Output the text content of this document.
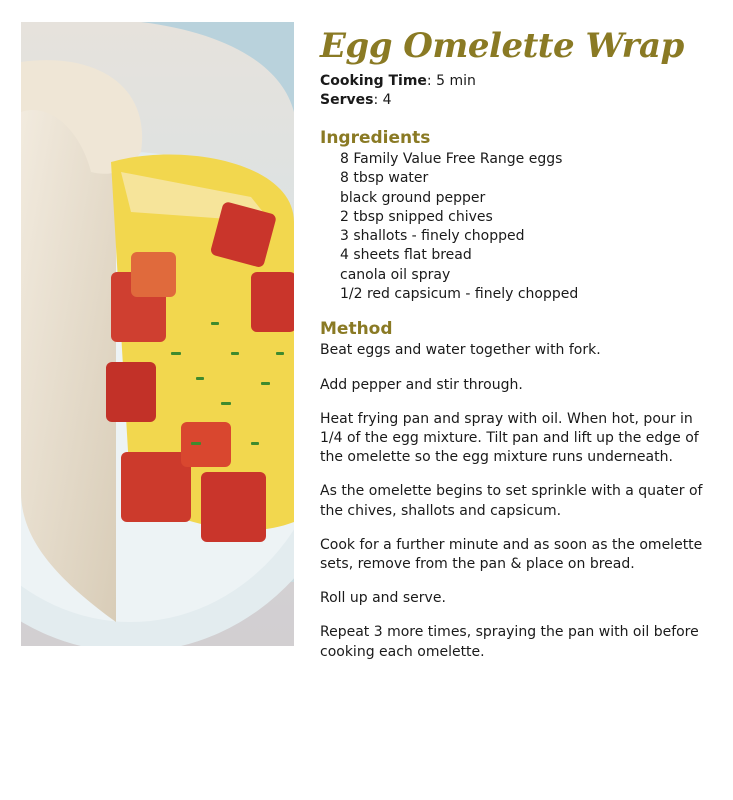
Egg Omelette Wrap
Cooking Time: 5 min
Serves: 4
Ingredients
8 Family Value Free Range eggs
8 tbsp water
black ground pepper
2 tbsp snipped chives
3 shallots - finely chopped
4 sheets flat bread
canola oil spray
1/2 red capsicum - finely chopped
Method

Beat eggs and water together with fork.

Add pepper and stir through.

Heat frying pan and spray with oil. When hot, pour in 1/4 of the egg mixture. Tilt pan and lift up the edge of the omelette so the egg mixture runs underneath.

As the omelette begins to set sprinkle with a quater of the chives, shallots and capsicum.

Cook for a further minute and as soon as the omelette sets, remove from the pan & place on bread.

Roll up and serve.

Repeat 3 more times, spraying the pan with oil before cooking each omelette.
